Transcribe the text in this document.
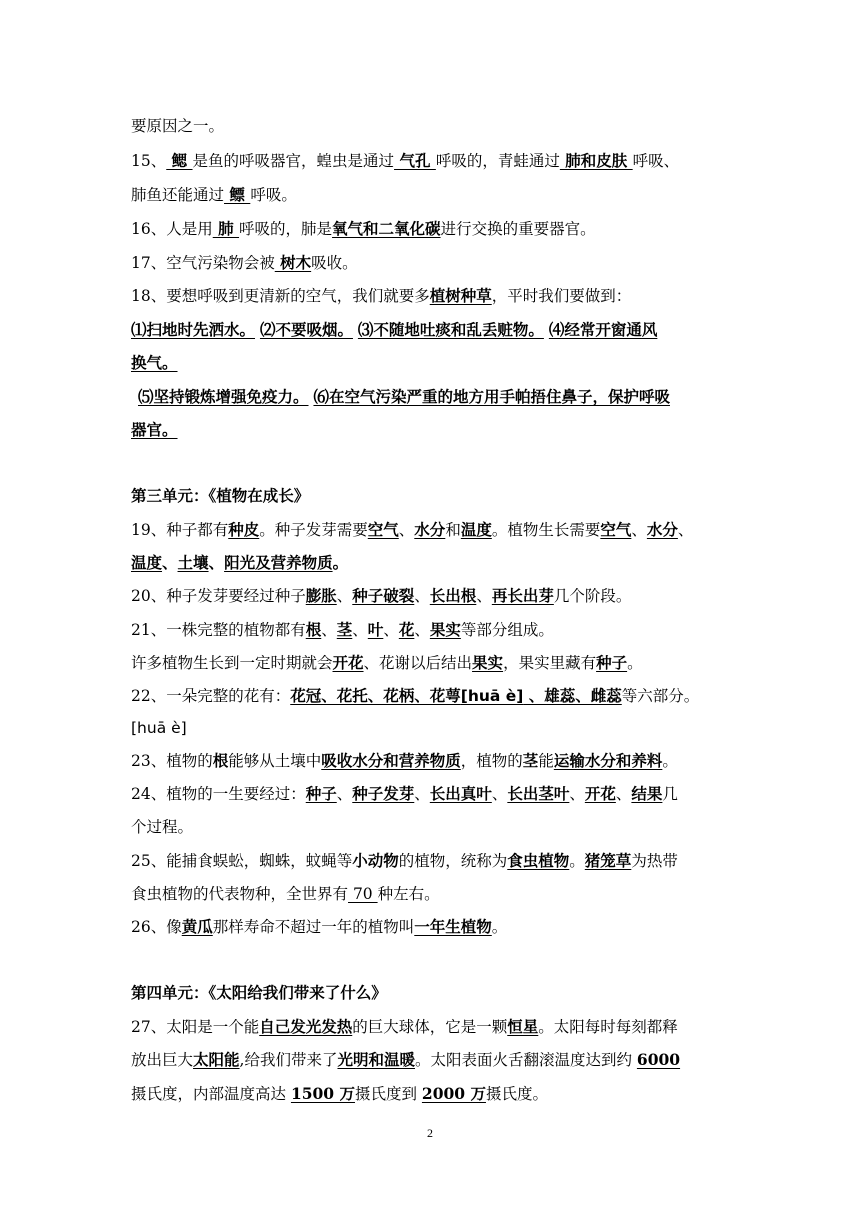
要原因之一。
15、 鳃 是鱼的呼吸器官，蝗虫是通过 气孔 呼吸的，青蛙通过 肺和皮肤 呼吸、
肺鱼还能通过 鳔 呼吸。
16、人是用 肺 呼吸的，肺是氧气和二氧化碳进行交换的重要器官。
17、空气污染物会被 树木吸收。
18、要想呼吸到更清新的空气，我们就要多植树种草，平时我们要做到：
⑴扫地时先洒水。 ⑵不要吸烟。 ⑶不随地吐痰和乱丢赃物。 ⑷经常开窗通风
换气。
⑸坚持锻炼增强免疫力。 ⑹在空气污染严重的地方用手帕捂住鼻子，保护呼吸
器官。
第三单元：《植物在成长》
19、种子都有种皮。种子发芽需要空气、水分和温度。植物生长需要空气、水分、
温度、土壤、阳光及营养物质。
20、种子发芽要经过种子膨胀、种子破裂、长出根、再长出芽几个阶段。
21、一株完整的植物都有根、茎、叶、花、果实等部分组成。
许多植物生长到一定时期就会开花、花谢以后结出果实，果实里藏有种子。
22、一朵完整的花有：花冠、花托、花柄、花萼[huā è] 、雄蕊、雌蕊等六部分。
[huā è]
23、植物的根能够从土壤中吸收水分和营养物质，植物的茎能运输水分和养料。
24、植物的一生要经过：种子、种子发芽、长出真叶、长出茎叶、开花、结果几
个过程。
25、能捕食蜈蚣，蜘蛛，蚊蝇等小动物的植物，统称为食虫植物。猪笼草为热带
食虫植物的代表物种，全世界有 70 种左右。
26、像黄瓜那样寿命不超过一年的植物叫一年生植物。
第四单元：《太阳给我们带来了什么》
27、太阳是一个能自己发光发热的巨大球体，它是一颗恒星。太阳每时每刻都释
放出巨大太阳能,给我们带来了光明和温暖。太阳表面火舌翻滚温度达到约 6000
摄氏度，内部温度高达 1500 万摄氏度到 2000 万摄氏度。
2
